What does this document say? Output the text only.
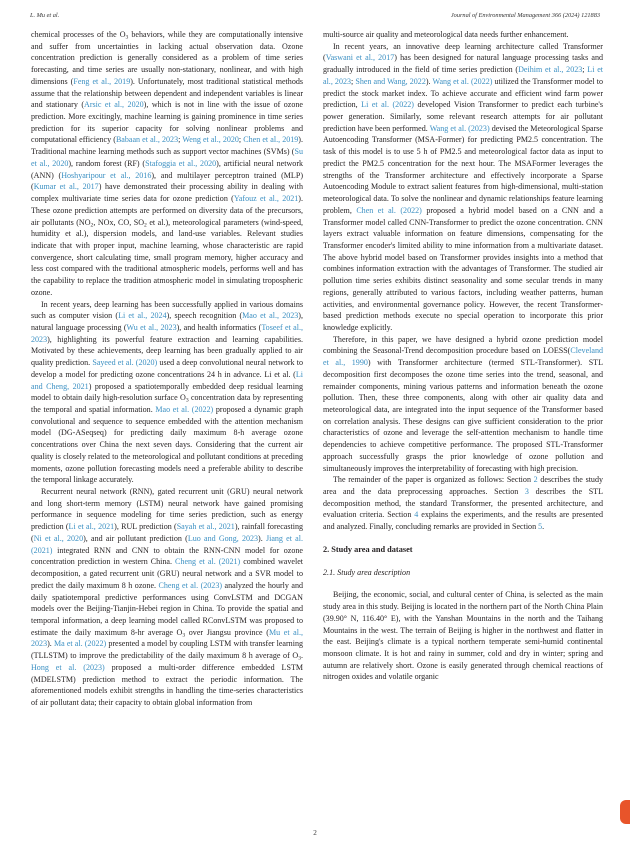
L. Mu et al.	Journal of Environmental Management 366 (2024) 121883

chemical processes of the $O_3$ behaviors, while they are computationally intensive and suffer from uncertainties in lacking actual observation data. Ozone concentration prediction is generally considered as a problem of time series forecasting, and time series are usually non-stationary, nonlinear, and with high dimensions (Feng et al., 2019). Unfortunately, most traditional statistical methods assume that the relationship between dependent and independent variables is linear and stationary (Arsic et al., 2020), which is not in line with the issue of ozone prediction. More excitingly, machine learning is gaining prominence in time series prediction for its superior capacity for solving nonlinear problems and computational efficiency (Babaan et al., 2023; Weng et al., 2020; Chen et al., 2019). Traditional machine learning methods such as support vector machines (SVMs) (Su et al., 2020), random forest (RF) (Stafoggia et al., 2020), artificial neural network (ANN) (Hoshyaripour et al., 2016), and multilayer perceptron trained (MLP) (Kumar et al., 2017) have demonstrated their processing ability in dealing with complex multivariate time series data for ozone prediction (Yafouz et al., 2021). These ozone prediction attempts are performed on diversity data of the precursors, air pollutants ($NO_2$, NOx, CO, $SO_2$ et al.), meteorological parameters (wind-speed, humidity et al.), dispersion models, and land-use variables. Relevant studies indicate that with proper input, machine learning, whose characteristic are rapid convergence, short calculating time, small program memory, higher accuracy and less cost compared with the traditional atmospheric models, performs well and has the capability to replace the tradition atmospheric model in simulating tropospheric ozone.

In recent years, deep learning has been successfully applied in various domains such as computer vision (Li et al., 2024), speech recognition (Mao et al., 2023), natural language processing (Wu et al., 2023), and health informatics (Toseef et al., 2023), highlighting its powerful feature extraction and learning capabilities. Motivated by these achievements, deep learning has been gradually applied to air quality prediction. Sayeed et al. (2020) used a deep convolutional neural network to develop a model for predicting ozone concentrations 24 h in advance. Li et al. (Li and Cheng, 2021) proposed a spatiotemporally embedded deep residual learning model to obtain daily high-resolution surface $O_3$ concentration data by representing the temporal and spatial information. Mao et al. (2022) proposed a dynamic graph convolutional and sequence to sequence embedded with the attention mechanism model (DG-ASeqseq) for predicting daily maximum 8-h average ozone concentrations over China the next seven days. Considering that the current air quality is closely related to the meteorological and pollutant conditions at preceding moments, ozone pollution forecasting models need a preferable ability to describe the temporal linkage accurately.

Recurrent neural network (RNN), gated recurrent unit (GRU) neural network and long short-term memory (LSTM) neural network have gained promising performance in sequence modeling for time series prediction, such as energy prediction (Li et al., 2021), RUL prediction (Sayah et al., 2021), rainfall forecasting (Ni et al., 2020), and air pollutant prediction (Luo and Gong, 2023). Jiang et al. (2021) integrated RNN and CNN to obtain the RNN-CNN model for ozone concentration prediction in western China. Cheng et al. (2021) combined wavelet decomposition, a gated recurrent unit (GRU) neural network and a SVR model to predict the daily maximum 8 h ozone. Cheng et al. (2023) analyzed the hourly and daily spatiotemporal predictive performances using ConvLSTM and DCGAN models over the Beijing-Tianjin-Hebei region in China. To provide the spatial and temporal information, a deep learning model called RConvLSTM was proposed to estimate the daily maximum 8-hr average $O_3$ over Jiangsu province (Mu et al., 2023). Ma et al. (2022) presented a model by coupling LSTM with transfer learning (TLLSTM) to improve the predictability of the daily maximum 8 h average of $O_3$. Hong et al. (2023) proposed a multi-order difference embedded LSTM (MDELSTM) prediction method to extract the periodic information. The aforementioned models exhibit strengths in handling the time-series characteristics of air pollutant data; their capacity to obtain global information from

multi-source air quality and meteorological data needs further enhancement.

In recent years, an innovative deep learning architecture called Transformer (Vaswani et al., 2017) has been designed for natural language processing tasks and gradually introduced in the field of time series prediction (Deihim et al., 2023; Li et al., 2023; Shen and Wang, 2022). Wang et al. (2022) utilized the Transformer model to predict the stock market index. To achieve accurate and efficient wind farm power prediction, Li et al. (2022) developed Vision Transformer to predict each turbine's power generation. Similarly, some relevant research attempts for air pollutant prediction have been performed. Wang et al. (2023) devised the Meteorological Sparse Autoencoding Transformer (MSA-Former) for predicting PM2.5 concentration. The task of this model is to use 5 h of PM2.5 and meteorological factor data as input to predict the PM2.5 concentration for the next hour. The MSAFormer leverages the strengths of the Transformer architecture and effectively incorporate a Sparse Autoencoding Module to extract salient features from high-dimensional, multi-station meteorological data. To solve the nonlinear and dynamic relationships feature learning problem, Chen et al. (2022) proposed a hybrid model based on a CNN and a Transformer model called CNN-Transformer to predict the ozone concentration. CNN layers extract valuable information on feature dimensions, compensating for the Transformer encoder's limited ability to mine information from a multivariate dataset. The above hybrid model based on Transformer provides insights into a method that combines information extraction with the advantages of Transformer. The studied air pollution time series exhibits distinct seasonality and some secular trends in many regions, generally attributed to various factors, including weather patterns, human activities, and environmental governance policy. However, the recent Transformer-based prediction methods execute no special operation to incorporate this prior knowledge explicitly.

Therefore, in this paper, we have designed a hybrid ozone prediction model combining the Seasonal-Trend decomposition procedure based on LOESS(Cleveland et al., 1990) with Transformer architecture (termed STL-Transformer). STL decomposition first decomposes the ozone time series into the trend, seasonal, and remainder components, mining various patterns and information beneath the ozone pollution. Then, these three components, along with other air quality data and meteorological data, are integrated into the input sequence of the Transformer based on correlation analysis. These designs can give sufficient consideration to the prior characteristics of ozone and leverage the self-attention mechanism to handle time dependencies to achieve competitive performance. The proposed STL-Transformer approach successfully grasps the prior knowledge of ozone pollution and simultaneously improves the interpretability of forecasting with high precision.

The remainder of the paper is organized as follows: Section 2 describes the study area and the data preprocessing approaches. Section 3 describes the STL decomposition method, the standard Transformer, the presented architecture, and evaluation criteria. Section 4 explains the experiments, and the results are presented and analyzed. Finally, concluding remarks are provided in Section 5.

2. Study area and dataset
2.1. Study area description

Beijing, the economic, social, and cultural center of China, is selected as the main study area in this study. Beijing is located in the northern part of the North China Plain (39.90° N, 116.40° E), with the Yanshan Mountains in the north and the Taihang Mountains in the west. The terrain of Beijing is higher in the northwest and flatter in the east. Beijing's climate is a typical northern temperate semi-humid continental monsoon climate. It is hot and rainy in summer, cold and dry in winter; spring and autumn are relatively short. Ozone is easily generated through chemical reactions of nitrogen oxides and volatile organic

2
